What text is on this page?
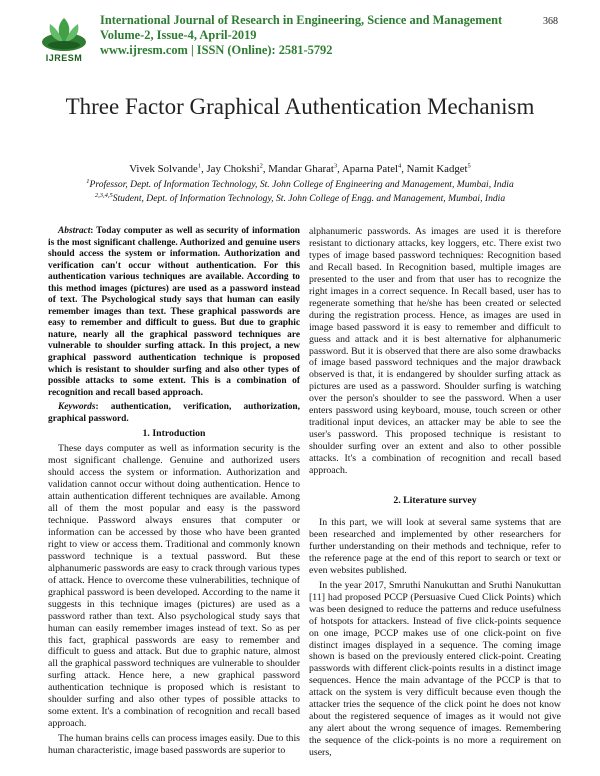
IJRESM
International Journal of Research in Engineering, Science and Management
Volume-2, Issue-4, April-2019
www.ijresm.com | ISSN (Online): 2581-5792
368
Three Factor Graphical Authentication Mechanism
Vivek Solvande$^1$, Jay Chokshi$^2$, Mandar Gharat$^3$, Aparna Patel$^4$, Namit Kadget$^5$
$^1$Professor, Dept. of Information Technology, St. John College of Engineering and Management, Mumbai, India
$^{2,3,4,5}$Student, Dept. of Information Technology, St. John College of Engg. and Management, Mumbai, India

Abstract: Today computer as well as security of information is the most significant challenge. Authorized and genuine users should access the system or information. Authorization and verification can't occur without authentication. For this authentication various techniques are available. According to this method images (pictures) are used as a password instead of text. The Psychological study says that human can easily remember images than text. These graphical passwords are easy to remember and difficult to guess. But due to graphic nature, nearly all the graphical password techniques are vulnerable to shoulder surfing attack. In this project, a new graphical password authentication technique is proposed which is resistant to shoulder surfing and also other types of possible attacks to some extent. This is a combination of recognition and recall based approach.

Keywords: authentication, verification, authorization, graphical password.

1. Introduction

These days computer as well as information security is the most significant challenge. Genuine and authorized users should access the system or information. Authorization and validation cannot occur without doing authentication. Hence to attain authentication different techniques are available. Among all of them the most popular and easy is the password technique. Password always ensures that computer or information can be accessed by those who have been granted right to view or access them. Traditional and commonly known password technique is a textual password. But these alphanumeric passwords are easy to crack through various types of attack. Hence to overcome these vulnerabilities, technique of graphical password is been developed. According to the name it suggests in this technique images (pictures) are used as a password rather than text. Also psychological study says that human can easily remember images instead of text. So as per this fact, graphical passwords are easy to remember and difficult to guess and attack. But due to graphic nature, almost all the graphical password techniques are vulnerable to shoulder surfing attack. Hence here, a new graphical password authentication technique is proposed which is resistant to shoulder surfing and also other types of possible attacks to some extent. It's a combination of recognition and recall based approach.

The human brains cells can process images easily. Due to this human characteristic, image based passwords are superior to

alphanumeric passwords. As images are used it is therefore resistant to dictionary attacks, key loggers, etc. There exist two types of image based password techniques: Recognition based and Recall based. In Recognition based, multiple images are presented to the user and from that user has to recognize the right images in a correct sequence. In Recall based, user has to regenerate something that he/she has been created or selected during the registration process. Hence, as images are used in image based password it is easy to remember and difficult to guess and attack and it is best alternative for alphanumeric password. But it is observed that there are also some drawbacks of image based password techniques and the major drawback observed is that, it is endangered by shoulder surfing attack as pictures are used as a password. Shoulder surfing is watching over the person's shoulder to see the password. When a user enters password using keyboard, mouse, touch screen or other traditional input devices, an attacker may be able to see the user's password. This proposed technique is resistant to shoulder surfing over an extent and also to other possible attacks. It's a combination of recognition and recall based approach.

2. Literature survey

In this part, we will look at several same systems that are been researched and implemented by other researchers for further understanding on their methods and technique, refer to the reference page at the end of this report to search or text or even websites published.

In the year 2017, Smruthi Nanukuttan and Sruthi Nanukuttan [11] had proposed PCCP (Persuasive Cued Click Points) which was been designed to reduce the patterns and reduce usefulness of hotspots for attackers. Instead of five click-points sequence on one image, PCCP makes use of one click-point on five distinct images displayed in a sequence. The coming image shown is based on the previously entered click-point. Creating passwords with different click-points results in a distinct image sequences. Hence the main advantage of the PCCP is that to attack on the system is very difficult because even though the attacker tries the sequence of the click point he does not know about the registered sequence of images as it would not give any alert about the wrong sequence of images. Remembering the sequence of the click-points is no more a requirement on users,
